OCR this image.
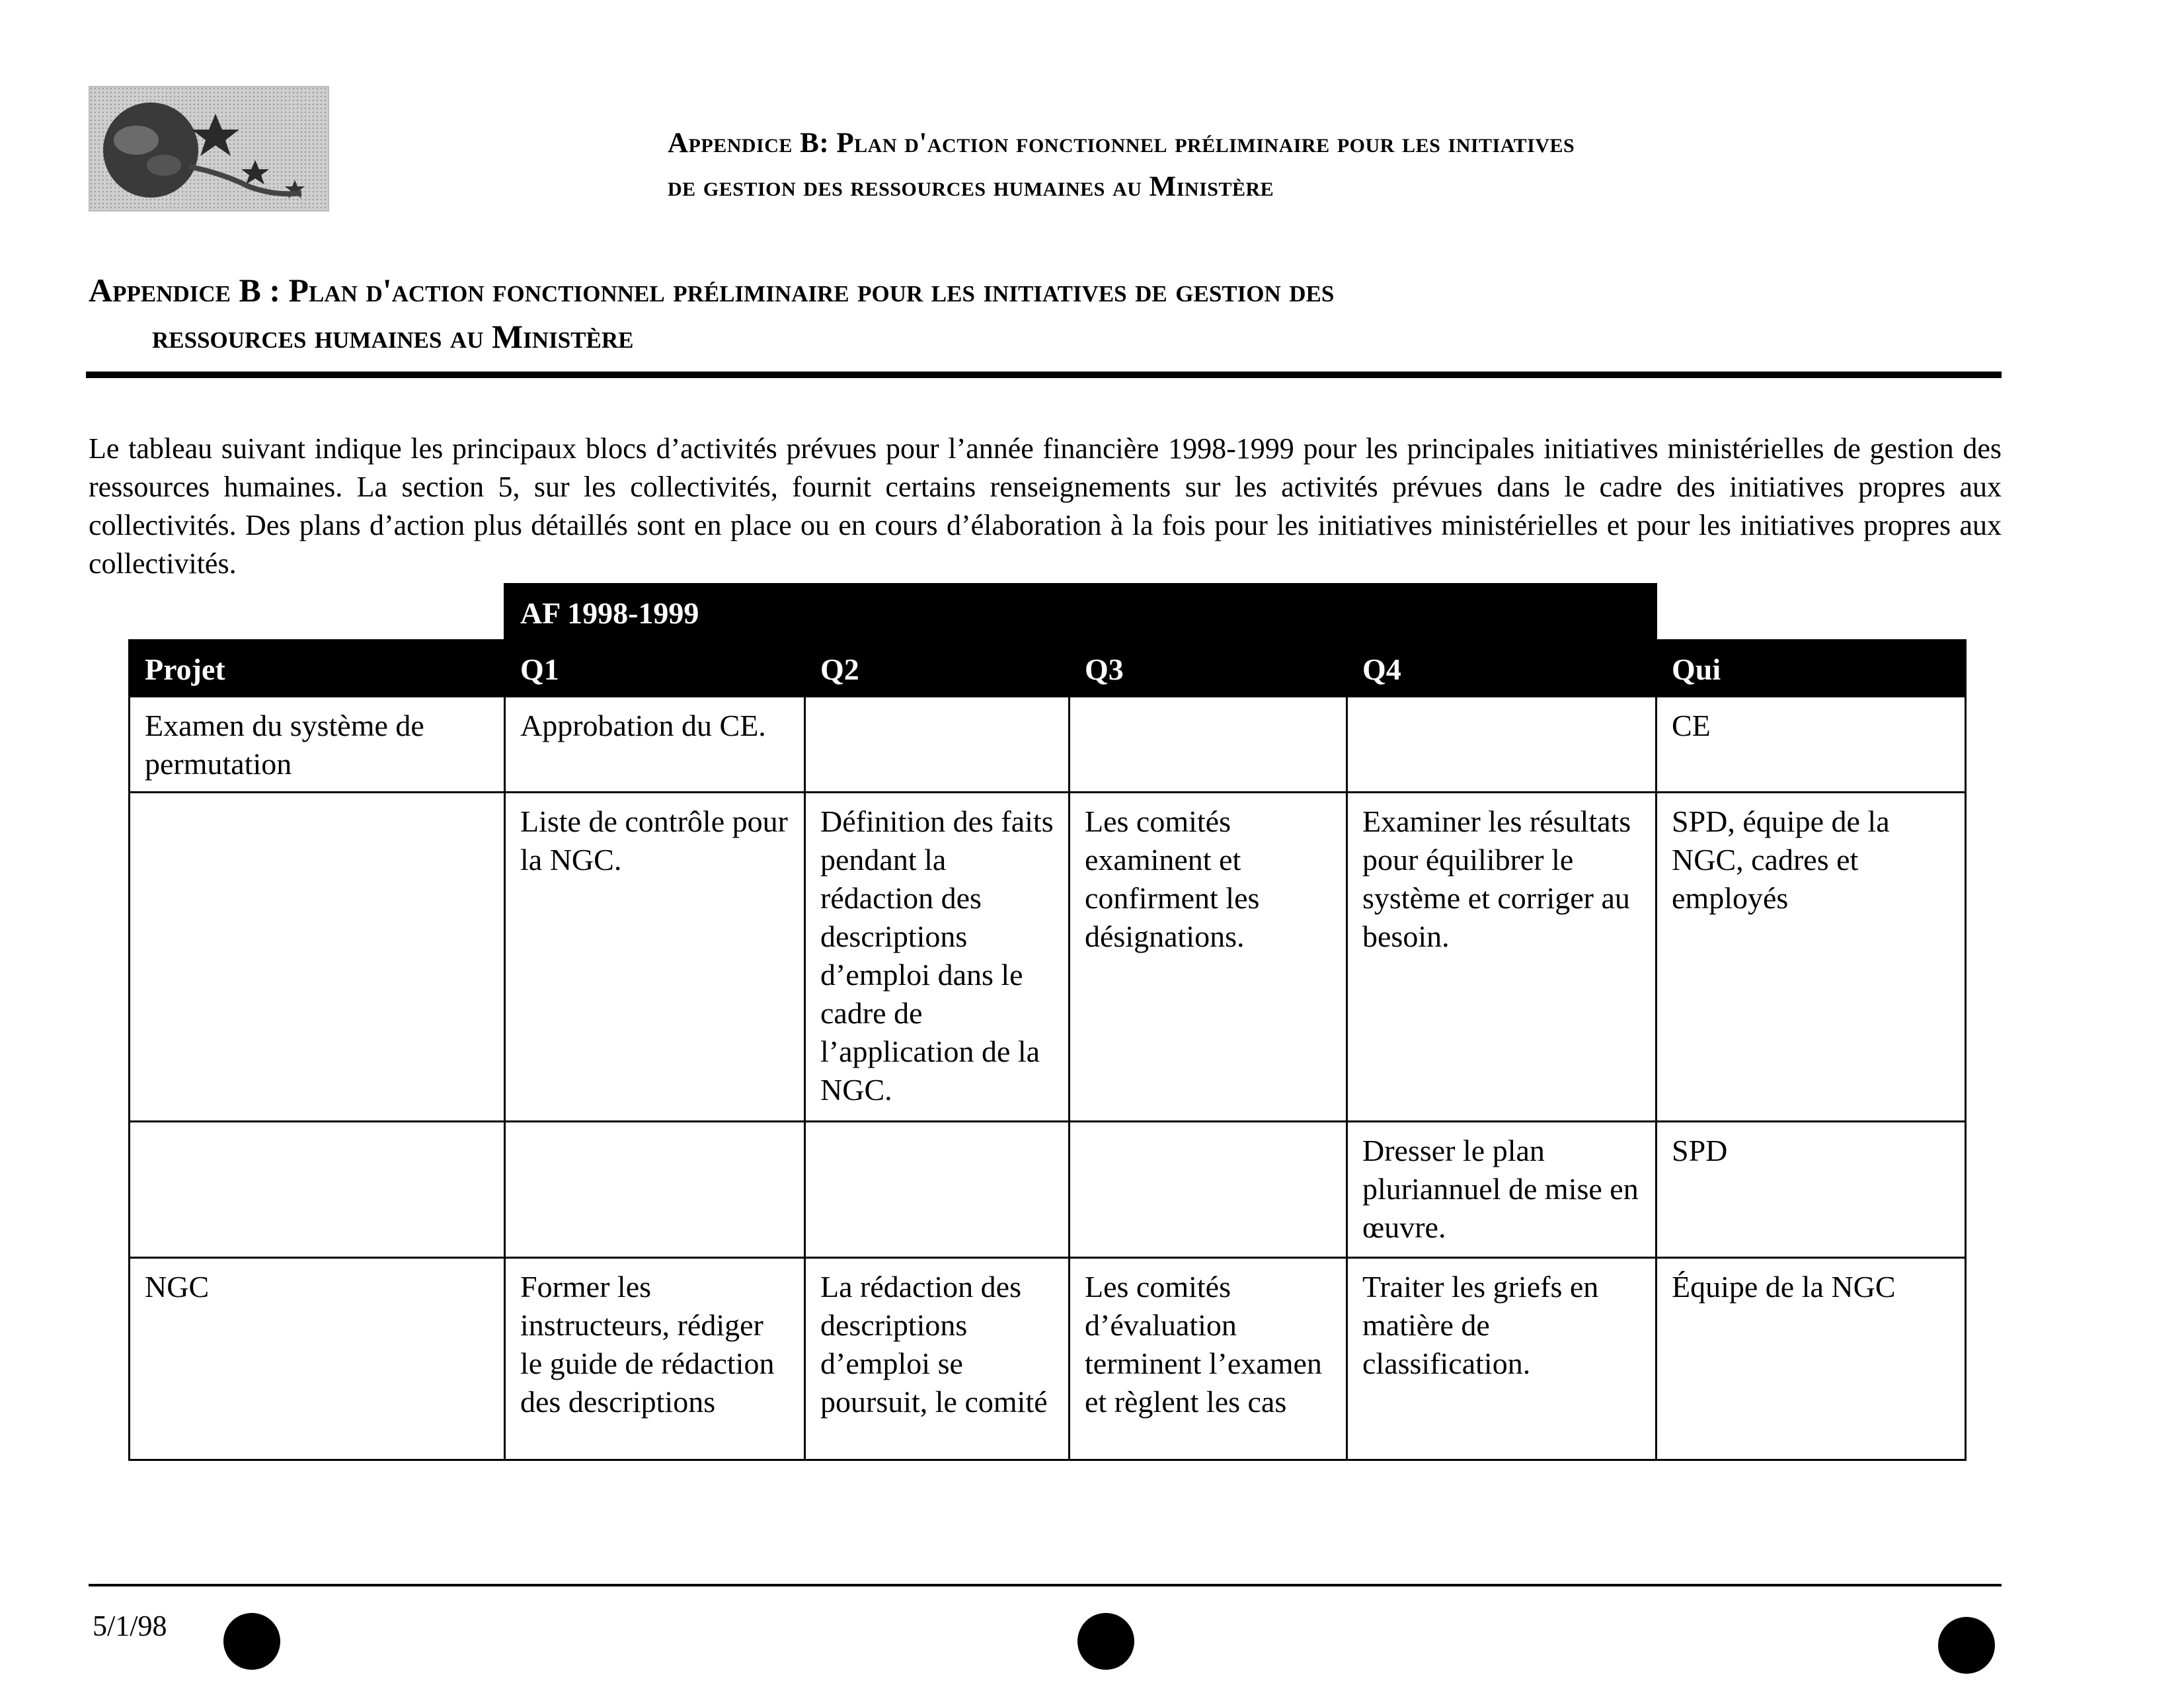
Appendice B: Plan d'action fonctionnel préliminaire pour les initiatives
de gestion des ressources humaines au Ministère
Appendice B : Plan d'action fonctionnel préliminaire pour les initiatives de gestion des
ressources humaines au Ministère
Le tableau suivant indique les principaux blocs d’activités prévues pour l’année financière 1998-1999 pour les principales initiatives ministérielles de gestion des ressources humaines. La section 5, sur les collectivités, fournit certains renseignements sur les activités prévues dans le cadre des initiatives propres aux collectivités. Des plans d’action plus détaillés sont en place ou en cours d’élaboration à la fois pour les initiatives ministérielles et pour les initiatives propres aux collectivités.
	AF 1998-1999				
Projet	Q1	Q2	Q3	Q4	Qui
Examen du système de permutation	Approbation du CE.				CE
	Liste de contrôle pour la NGC.	Définition des faits pendant la rédaction des descriptions d’emploi dans le cadre de l’application de la NGC.	Les comités examinent et confirment les désignations.	Examiner les résultats pour équilibrer le système et corriger au besoin.	SPD, équipe de la NGC, cadres et employés
				Dresser le plan pluriannuel de mise en œuvre.	SPD
NGC	Former les instructeurs, rédiger le guide de rédaction des descriptions	La rédaction des descriptions d’emploi se poursuit, le comité	Les comités d’évaluation terminent l’examen et règlent les cas	Traiter les griefs en matière de classification.	Équipe de la NGC
5/1/98
